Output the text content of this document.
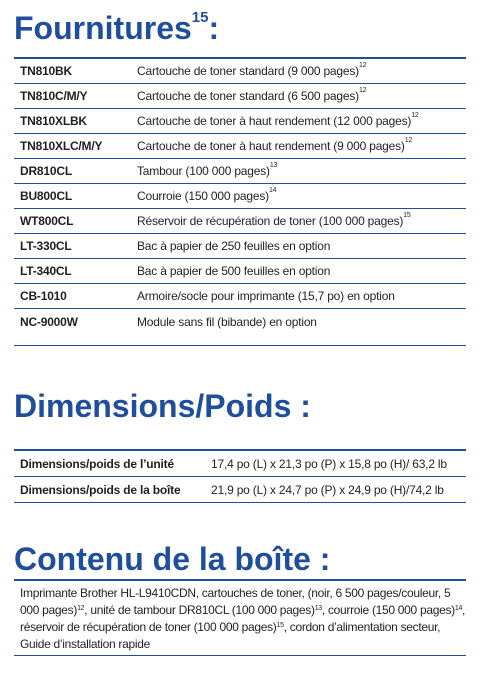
Fournitures$^{15}$:
TN810BK	Cartouche de toner standard (9 000 pages)$^{12}$
TN810C/M/Y	Cartouche de toner standard (6 500 pages)$^{12}$
TN810XLBK	Cartouche de toner à haut rendement (12 000 pages)$^{12}$
TN810XLC/M/Y	Cartouche de toner à haut rendement (9 000 pages)$^{12}$
DR810CL	Tambour (100 000 pages)$^{13}$
BU800CL	Courroie (150 000 pages)$^{14}$
WT800CL	Réservoir de récupération de toner (100 000 pages)$^{15}$
LT-330CL	Bac à papier de 250 feuilles en option
LT-340CL	Bac à papier de 500 feuilles en option
CB-1010	Armoire/socle pour imprimante (15,7 po) en option
NC-9000W	Module sans fil (bibande) en option
Dimensions/Poids :
Dimensions/poids de l’unité	17,4 po (L) x 21,3 po (P) x 15,8 po (H)/ 63,2 lb
Dimensions/poids de la boîte	21,9 po (L) x 24,7 po (P) x 24,9 po (H)/74,2 lb
Contenu de la boîte :

Imprimante Brother HL-L9410CDN, cartouches de toner, (noir, 6 500 pages/couleur, 5 000 pages)$^{12}$, unité de tambour DR810CL (100 000 pages)$^{13}$, courroie (150 000 pages)$^{14}$, réservoir de récupération de toner (100 000 pages)$^{15}$, cordon d’alimentation secteur, Guide d’installation rapide
